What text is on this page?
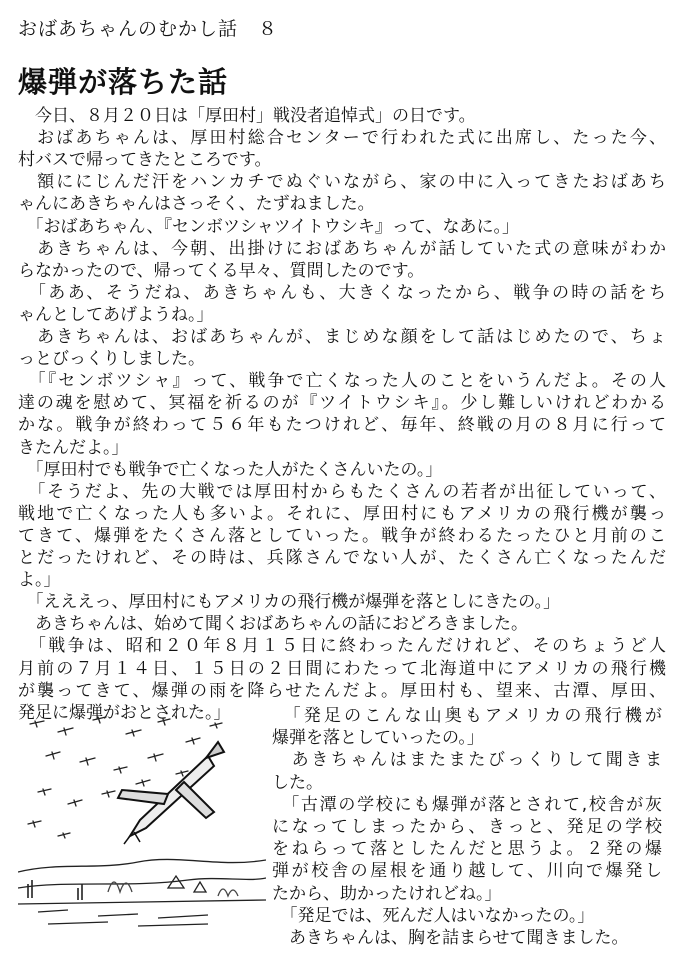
おばあちゃんのむかし話　８
爆弾が落ちた話
　今日、８月２０日は「厚田村」戦没者追悼式」の日です。
　おばあちゃんは、厚田村総合センターで行われた式に出席し、たった今、
村バスで帰ってきたところです。
　額ににじんだ汗をハンカチでぬぐいながら、家の中に入ってきたおばあち
ゃんにあきちゃんはさっそく、たずねました。
　「おばあちゃん、『センボツシャツイトウシキ』って、なあに。」
　あきちゃんは、今朝、出掛けにおばあちゃんが話していた式の意味がわか
らなかったので、帰ってくる早々、質問したのです。
　「ああ、そうだね、あきちゃんも、大きくなったから、戦争の時の話をち
ゃんとしてあげようね。」
　あきちゃんは、おばあちゃんが、まじめな顔をして話はじめたので、ちょ
っとびっくりしました。
　「『センボツシャ』って、戦争で亡くなった人のことをいうんだよ。その人
達の魂を慰めて、冥福を祈るのが『ツイトウシキ』。少し難しいけれどわかる
かな。戦争が終わって５６年もたつけれど、毎年、終戦の月の８月に行って
きたんだよ。」
　「厚田村でも戦争で亡くなった人がたくさんいたの。」
　「そうだよ、先の大戦では厚田村からもたくさんの若者が出征していって、
戦地で亡くなった人も多いよ。それに、厚田村にもアメリカの飛行機が襲っ
てきて、爆弾をたくさん落としていった。戦争が終わるたったひと月前のこ
とだったけれど、その時は、兵隊さんでない人が、たくさん亡くなったんだ
よ。」
　「えええっ、厚田村にもアメリカの飛行機が爆弾を落としにきたの。」
　あきちゃんは、始めて聞くおばあちゃんの話におどろきました。
　「戦争は、昭和２０年８月１５日に終わったんだけれど、そのちょうど人
月前の７月１４日、１５日の２日間にわたって北海道中にアメリカの飛行機
が襲ってきて、爆弾の雨を降らせたんだよ。厚田村も、望来、古潭、厚田、
発足に爆弾がおとされた。」	　「発足のこんな山奥もアメリカの飛行機が
爆弾を落としていったの。」
　あきちゃんはまたまたびっくりして聞きま
した。
　「古潭の学校にも爆弾が落とされて,校舎が灰
になってしまったから、きっと、発足の学校
をねらって落としたんだと思うよ。２発の爆
弾が校舎の屋根を通り越して、川向で爆発し
たから、助かったけれどね。」
　「発足では、死んだ人はいなかったの。」
　あきちゃんは、胸を詰まらせて聞きました。
